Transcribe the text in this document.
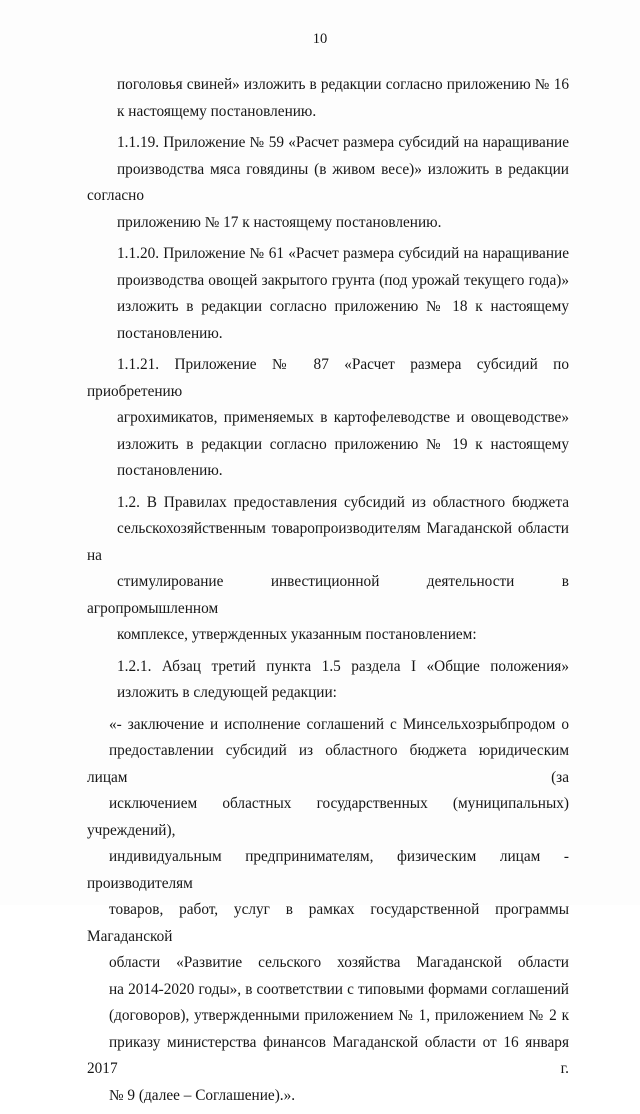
10

поголовья свиней» изложить в редакции согласно приложению № 16
к настоящему постановлению.

1.1.19. Приложение № 59 «Расчет размера субсидий на наращивание
производства мяса говядины (в живом весе)» изложить в редакции согласно
приложению № 17 к настоящему постановлению.

1.1.20. Приложение № 61 «Расчет размера субсидий на наращивание
производства овощей закрытого грунта (под урожай текущего года)»
изложить в редакции согласно приложению № 18 к настоящему
постановлению.

1.1.21. Приложение № 87 «Расчет размера субсидий по приобретению
агрохимикатов, применяемых в картофелеводстве и овощеводстве»
изложить в редакции согласно приложению № 19 к настоящему
постановлению.

1.2. В Правилах предоставления субсидий из областного бюджета
сельскохозяйственным товаропроизводителям Магаданской области на
стимулирование инвестиционной деятельности в агропромышленном
комплексе, утвержденных указанным постановлением:

1.2.1. Абзац третий пункта 1.5 раздела I «Общие положения»
изложить в следующей редакции:

«- заключение и исполнение соглашений с Минсельхозрыбпродом о
предоставлении субсидий из областного бюджета юридическим лицам (за
исключением областных государственных (муниципальных) учреждений),
индивидуальным предпринимателям, физическим лицам - производителям
товаров, работ, услуг в рамках государственной программы Магаданской
области «Развитие сельского хозяйства Магаданской области
на 2014-2020 годы», в соответствии с типовыми формами соглашений
(договоров), утвержденными приложением № 1, приложением № 2 к
приказу министерства финансов Магаданской области от 16 января 2017 г.
№ 9 (далее – Соглашение).».
